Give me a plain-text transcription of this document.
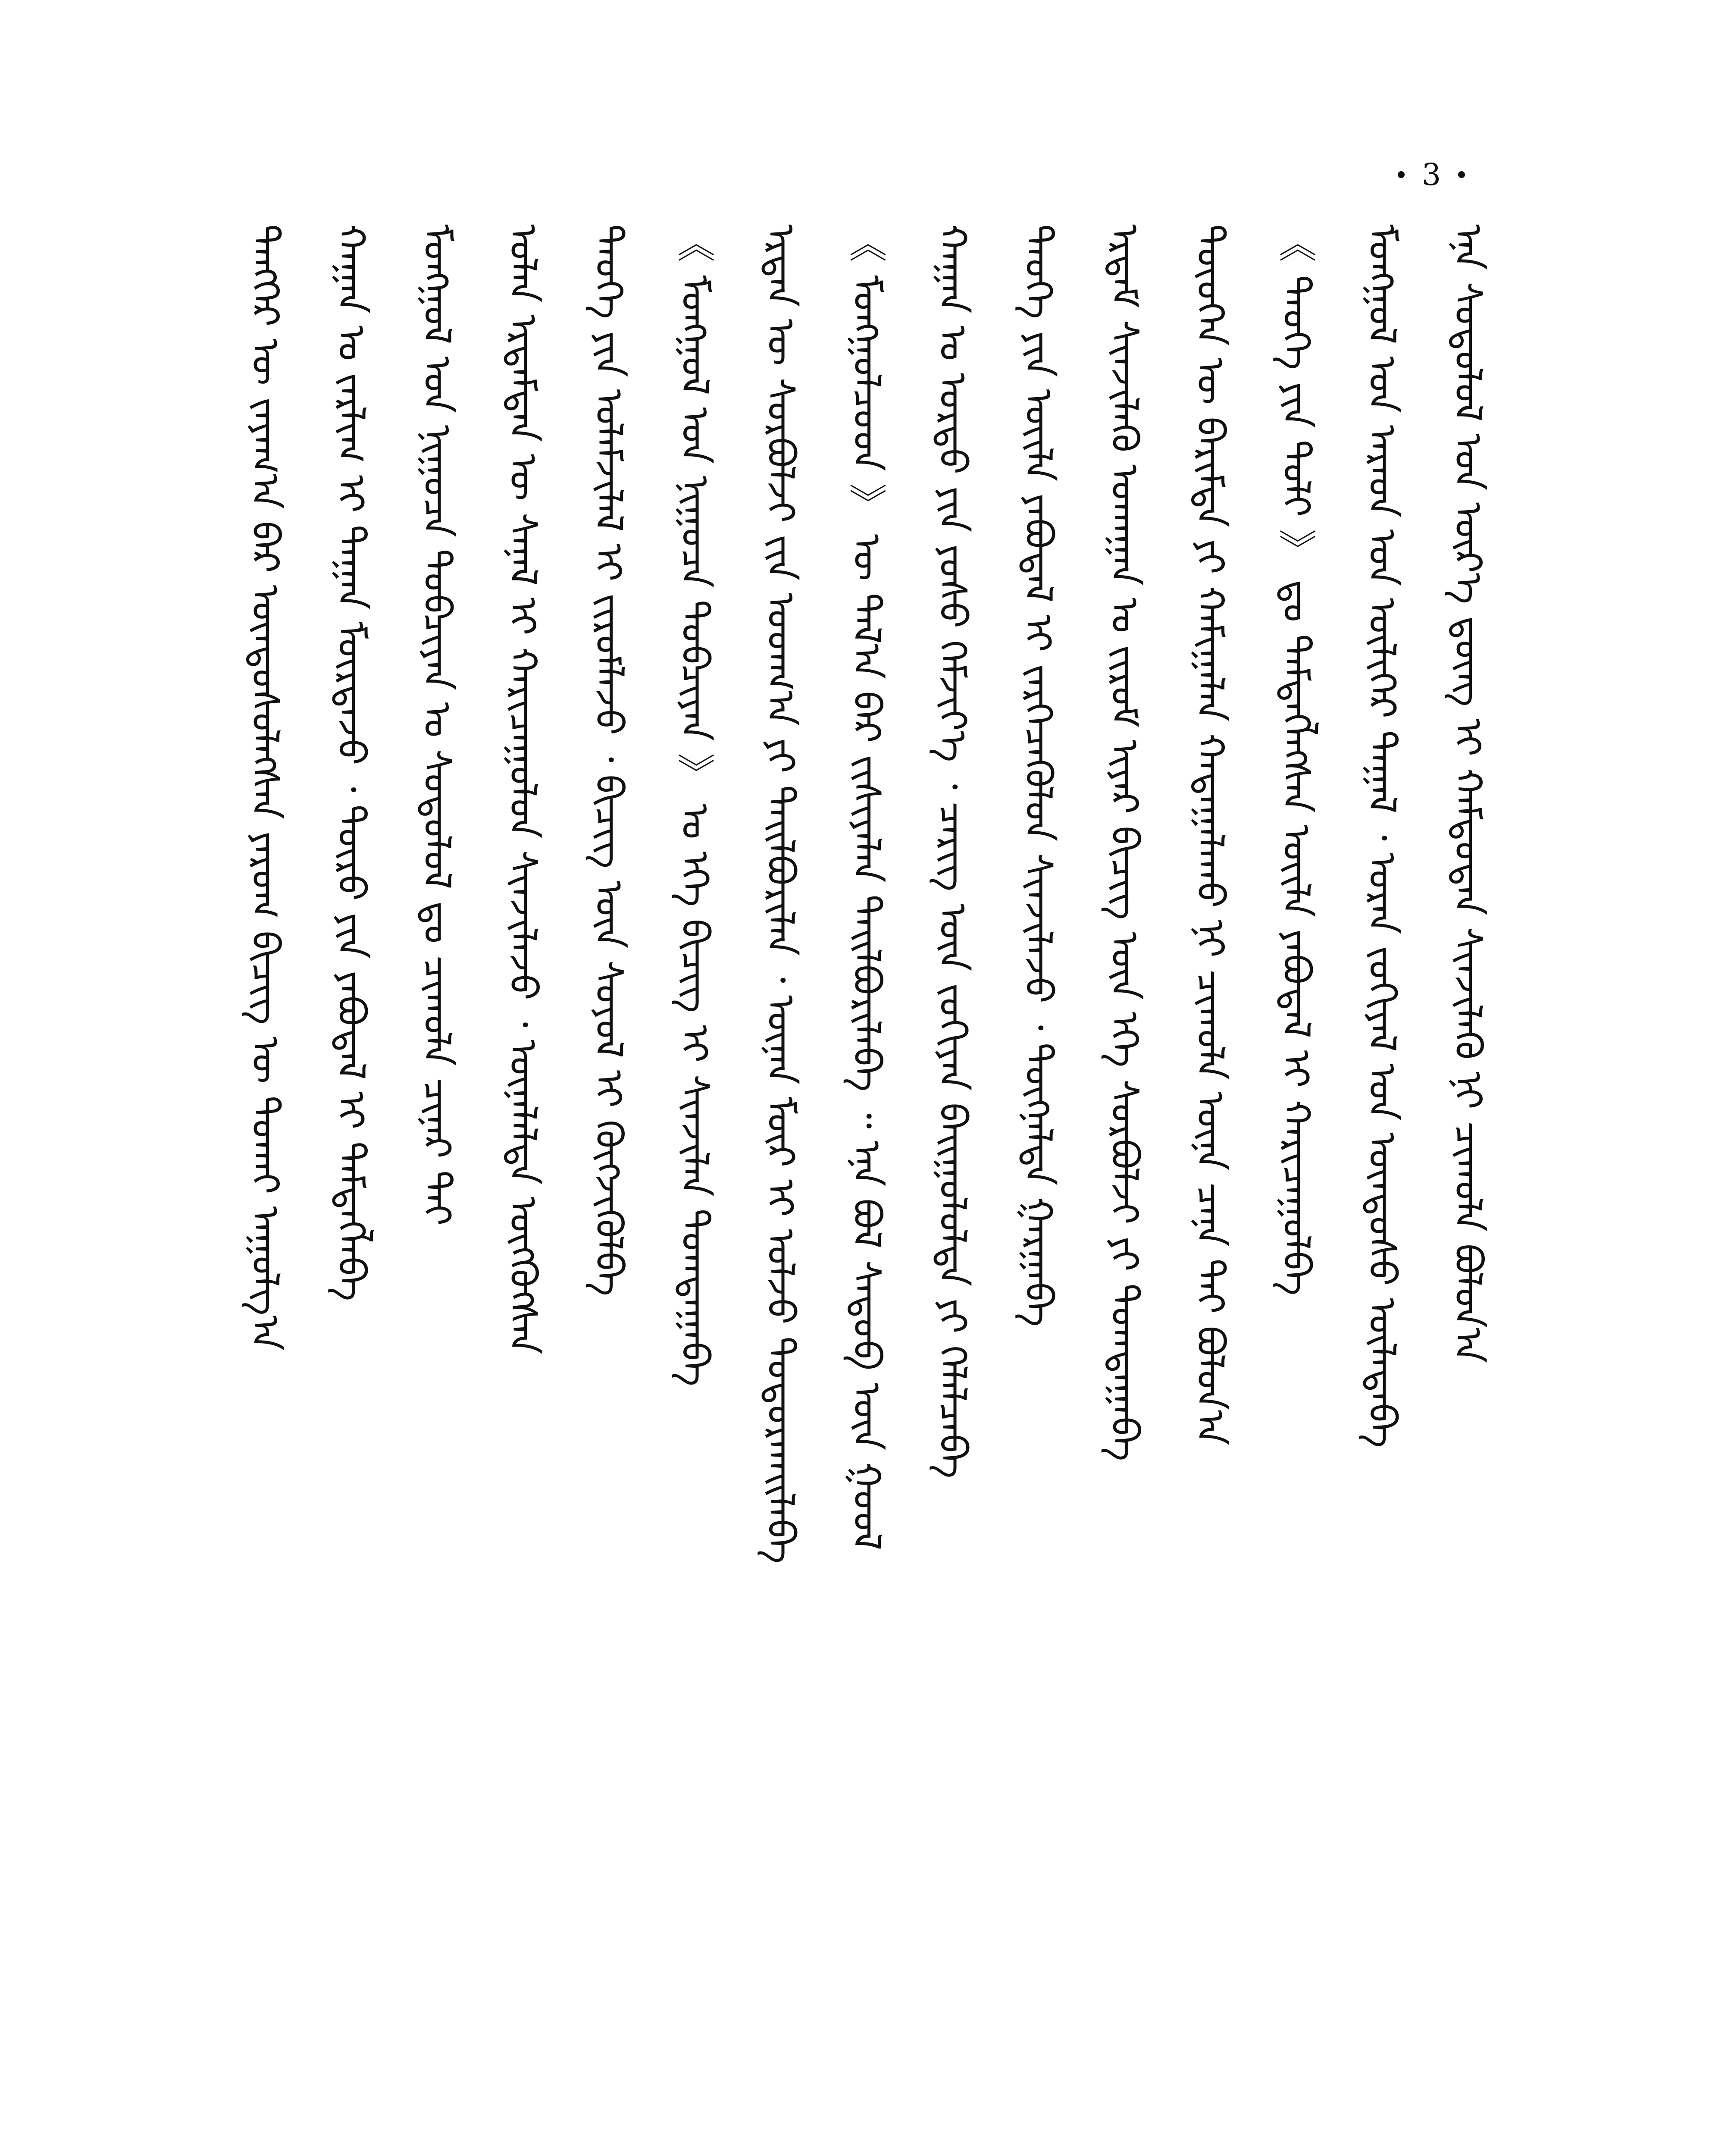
3
ᠲᠡᠩᠭᠡᠷ ᠦ ᠵᠠᠶᠠᠭ᠎ᠠ ᠪᠠᠷ ᠦᠨᠳᠦᠰᠦᠯᠡᠭᠰᠡᠨ ᠶᠠᠷᠤᠭ ᠪᠢᠴᠢᠭ ᠦ ᠲᠤᠬᠠᠢ ᠠᠭᠤᠯᠭ᠎ᠠ ᠬᠠᠭᠠᠨ ᠤ ᠵᠠᠷᠯᠢᠭ ᠢ ᠳᠠᠭᠠᠨ ᠮᠦᠷᠳᠡᠵᠦ ᠂ ᠲᠥᠷᠦ ᠶᠢᠨ ᠶᠠᠪᠤᠳᠠᠯ ᠢ ᠲᠡᠮᠳᠡᠭᠯᠡᠪᠡ ᠮᠣᠩᠭᠣᠯ ᠤᠨ ᠨᠢᠭᠤᠴᠠ ᠲᠣᠪᠴᠢᠶᠠᠨ ᠤ ᠰᠤᠳᠤᠯᠤᠯ ᠳᠤ ᠴᠢᠬᠤᠯᠠ ᠴᠢᠨᠠᠷ ᠲᠠᠢ ᠣᠯᠠᠨ ᠡᠷᠳᠡᠮᠲᠡᠨ ᠦ ᠰᠠᠨᠠᠯ ᠢ ᠬᠠᠷᠢᠴᠠᠭᠤᠯᠤᠨ ᠰᠢᠨᠵᠢᠯᠡᠵᠦ ᠂ ᠦᠨᠡᠯᠡᠯᠲᠡ ᠥᠭᠭᠦᠭᠰᠡᠨ ᠲᠡᠦᠬᠡ ᠶᠢᠨ ᠤᠯᠠᠮᠵᠢᠯᠠᠯ ᠢ ᠵᠢᠷᠤᠮᠯᠠᠵᠤ ᠂ ᠪᠢᠴᠢᠭ ᠦᠨ ᠰᠣᠶᠣᠯ ᠢ ᠬᠥᠭᠵᠢᠭᠦᠯᠪᠡ 《 ᠮᠣᠩᠭᠣᠯ ᠤᠨ ᠨᠢᠭᠤᠴᠠ ᠲᠣᠪᠴᠢᠶᠠᠨ 》 ᠤ ᠡᠬᠡ ᠪᠢᠴᠢᠭ ᠢ ᠰᠢᠨᠵᠢᠯᠡᠨ ᠲᠣᠭᠲᠠᠭᠠᠪᠠ ᠡᠷᠲᠡᠨ ᠦ ᠰᠤᠷᠪᠤᠯᠵᠢ ᠵᠢᠨ ᠤᠳᠬ᠎ᠠ ᠶᠢ ᠲᠠᠢᠯᠪᠤᠷᠢᠯᠠᠨ ᠂ ᠦᠨᠡᠨ ᠮᠥᠷ ᠢ ᠣᠯᠵᠤ ᠲᠣᠳᠤᠷᠬᠠᠢᠯᠠᠪᠠ 《 ᠮᠣᠩᠭᠣᠯᠴᠤᠳ 》 ᠦ ᠲᠠᠯ᠎ᠠ ᠪᠠᠷ ᠵᠢᠱᠢᠶᠡᠯᠡᠨ ᠲᠠᠢᠯᠪᠤᠷᠢᠯᠠᠪᠠ ᠃ ᠡᠨᠡ ᠪᠣᠯ ᠰᠡᠳᠦᠪ ᠦᠨ ᠭᠣᠣᠯ ᠬᠠᠭᠠᠨ ᠤ ᠣᠷᠳᠤ ᠶᠢᠨ ᠶᠣᠰᠤ ᠬᠡᠮᠵᠢᠶ᠎ᠡ ᠂ ᠴᠡᠷᠢᠭ ᠦᠨ ᠵᠣᠬᠢᠶᠠᠨ ᠪᠠᠢᠭᠤᠯᠤᠯᠲᠠ ᠶᠢ ᠬᠡᠯᠡᠯᠴᠡᠪᠡ ᠲᠡᠦᠬᠡ ᠶᠢᠨ ᠦᠢᠯᠡ ᠶᠠᠪᠤᠳᠠᠯ ᠢ ᠵᠡᠷᠭᠡᠴᠡᠭᠦᠯᠦᠨ ᠰᠢᠨᠵᠢᠯᠡᠵᠦ ᠂ ᠳᠦᠭᠨᠡᠯᠲᠡ ᠭᠠᠷᠭᠠᠪᠠ ᠡᠷᠳᠡᠮ ᠰᠢᠨᠵᠢᠯᠡᠬᠦ ᠤᠬᠠᠭᠠᠨ ᠤ ᠵᠢᠷᠤᠮ ᠢᠶᠠᠷ ᠪᠢᠴᠢᠭ ᠦᠨ ᠡᠬᠡ ᠰᠤᠷᠪᠤᠯᠵᠢ ᠶᠢ ᠲᠣᠭᠲᠠᠭᠠᠪᠠ ᠲᠦᠦᠬᠡᠨ ᠦ ᠪᠠᠷᠢᠮᠲᠠ ᠶᠢ ᠬᠠᠮᠢᠭᠠᠯᠠᠨ ᠬᠠᠳᠠᠭᠠᠯᠠᠬᠤ ᠨᠢ ᠴᠢᠬᠤᠯᠠ ᠦᠨᠡ ᠴᠡᠨᠡ ᠲᠠᠢ ᠪᠣᠯᠤᠨ᠎ᠠ 《 ᠲᠡᠦᠬᠡ ᠶᠢᠨ ᠲᠣᠯᠢ 》 ᠳᠤ ᠲᠡᠮᠳᠡᠭᠯᠡᠭᠰᠡᠨ ᠦᠢᠯᠡ ᠶᠠᠪᠤᠳᠠᠯ ᠢ ᠬᠠᠷᠢᠴᠠᠭᠤᠯᠪᠠ ᠮᠣᠩᠭᠣᠯ ᠤᠨ ᠠᠷᠠᠳ ᠤᠨ ᠦᠯᠢᠭᠡᠷ ᠲᠠᠭᠠᠯ ᠂ ᠤᠷᠠᠨ ᠵᠣᠬᠢᠶᠠᠯ ᠤᠨ ᠦᠨᠳᠦᠰᠦ ᠦᠯᠡᠳᠡᠪᠡ ᠡᠨᠡ ᠰᠤᠳᠤᠯᠤᠯ ᠤᠨ ᠦᠷ᠎ᠡ ᠳ᠋ᠦᠩ ᠢ ᠬᠠᠮᠲᠤᠳᠠᠨ ᠰᠢᠨᠵᠢᠯᠡᠬᠦ ᠨᠢ ᠴᠢᠬᠤᠯᠠ ᠪᠣᠯᠤᠨ᠎ᠠ
